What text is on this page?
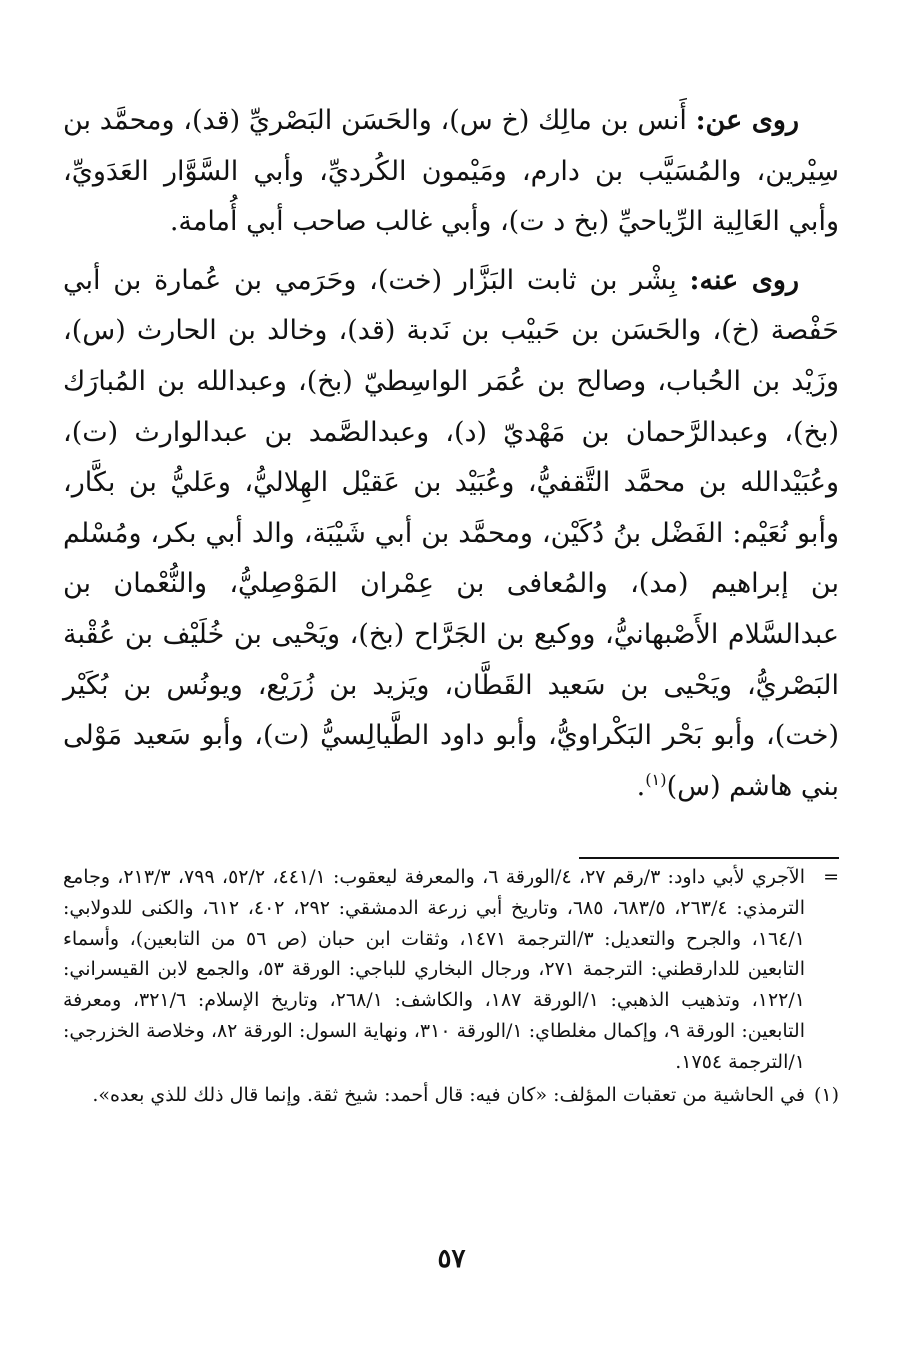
روى عن: أَنس بن مالِك (خ س)، والحَسَن البَصْريِّ (قد)، ومحمَّد بن سِيْرين، والمُسَيَّب بن دارم، ومَيْمون الكُرديِّ، وأبي السَّوَّار العَدَويِّ، وأبي العَالِية الرِّياحيِّ (بخ د ت)، وأبي غالب صاحب أبي أُمامة.

روى عنه: بِشْر بن ثابت البَزَّار (خت)، وحَرَمي بن عُمارة بن أبي حَفْصة (خ)، والحَسَن بن حَبيْب بن نَدبة (قد)، وخالد بن الحارث (س)، وزَيْد بن الحُباب، وصالح بن عُمَر الواسِطيّ (بخ)، وعبدالله بن المُبارَك (بخ)، وعبدالرَّحمان بن مَهْديّ (د)، وعبدالصَّمد بن عبدالوارث (ت)، وعُبَيْدالله بن محمَّد التَّقفيُّ، وعُبَيْد بن عَقيْل الهِلاليُّ، وعَليُّ بن بكَّار، وأبو نُعَيْم: الفَضْل بنُ دُكَيْن، ومحمَّد بن أبي شَيْبَة، والد أبي بكر، ومُسْلم بن إبراهيم (مد)، والمُعافى بن عِمْران المَوْصِليُّ، والنُّعْمان بن عبدالسَّلام الأَصْبهانيُّ، ووكيع بن الجَرَّاح (بخ)، ويَحْيى بن خُلَيْف بن عُقْبة البَصْريُّ، ويَحْيى بن سَعيد القَطَّان، ويَزيد بن زُرَيْع، ويونُس بن بُكَيْر (خت)، وأبو بَحْر البَكْراويُّ، وأبو داود الطَّيالِسيُّ (ت)، وأبو سَعيد مَوْلى بني هاشم (س)$^{(١)}$.

=
الآجري لأبي داود: ٣/رقم ٢٧، ٤/الورقة ٦، والمعرفة ليعقوب: ٤٤١/١، ٥٢/٢، ٧٩٩، ٢١٣/٣، وجامع الترمذي: ٢٦٣/٤، ٦٨٣/٥، ٦٨٥، وتاريخ أبي زرعة الدمشقي: ٢٩٢، ٤٠٢، ٦١٢، والكنى للدولابي: ١٦٤/١، والجرح والتعديل: ٣/الترجمة ١٤٧١، وثقات ابن حبان (ص ٥٦ من التابعين)، وأسماء التابعين للدارقطني: الترجمة ٢٧١، ورجال البخاري للباجي: الورقة ٥٣، والجمع لابن القيسراني: ١٢٢/١، وتذهيب الذهبي: ١/الورقة ١٨٧، والكاشف: ٢٦٨/١، وتاريخ الإسلام: ٣٢١/٦، ومعرفة التابعين: الورقة ٩، وإكمال مغلطاي: ١/الورقة ٣١٠، ونهاية السول: الورقة ٨٢، وخلاصة الخزرجي: ١/الترجمة ١٧٥٤.
(١)
في الحاشية من تعقبات المؤلف: «كان فيه: قال أحمد: شيخ ثقة. وإنما قال ذلك للذي بعده».
٥٧
